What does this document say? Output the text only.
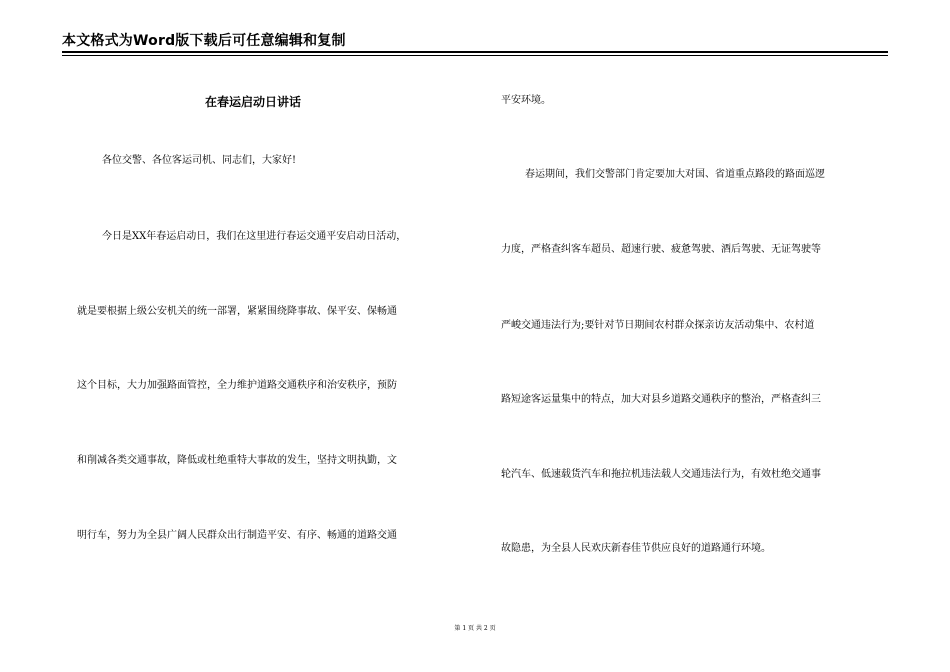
本文格式为Word版下载后可任意编辑和复制
在春运启动日讲话
各位交警、各位客运司机、同志们，大家好!
今日是XX年春运启动日，我们在这里进行春运交通平安启动日活动，
就是要根据上级公安机关的统一部署，紧紧围绕降事故、保平安、保畅通
这个目标，大力加强路面管控，全力维护道路交通秩序和治安秩序，预防
和削减各类交通事故，降低或杜绝重特大事故的发生，坚持文明执勤，文
明行车，努力为全县广阔人民群众出行制造平安、有序、畅通的道路交通
平安环境。
春运期间，我们交警部门肯定要加大对国、省道重点路段的路面巡逻
力度，严格查纠客车超员、超速行驶、疲惫驾驶、酒后驾驶、无证驾驶等
严峻交通违法行为;要针对节日期间农村群众探亲访友活动集中、农村道
路短途客运量集中的特点，加大对县乡道路交通秩序的整治，严格查纠三
轮汽车、低速载货汽车和拖拉机违法载人交通违法行为，有效杜绝交通事
故隐患，为全县人民欢庆新春佳节供应良好的道路通行环境。
第 1 页 共 2 页
